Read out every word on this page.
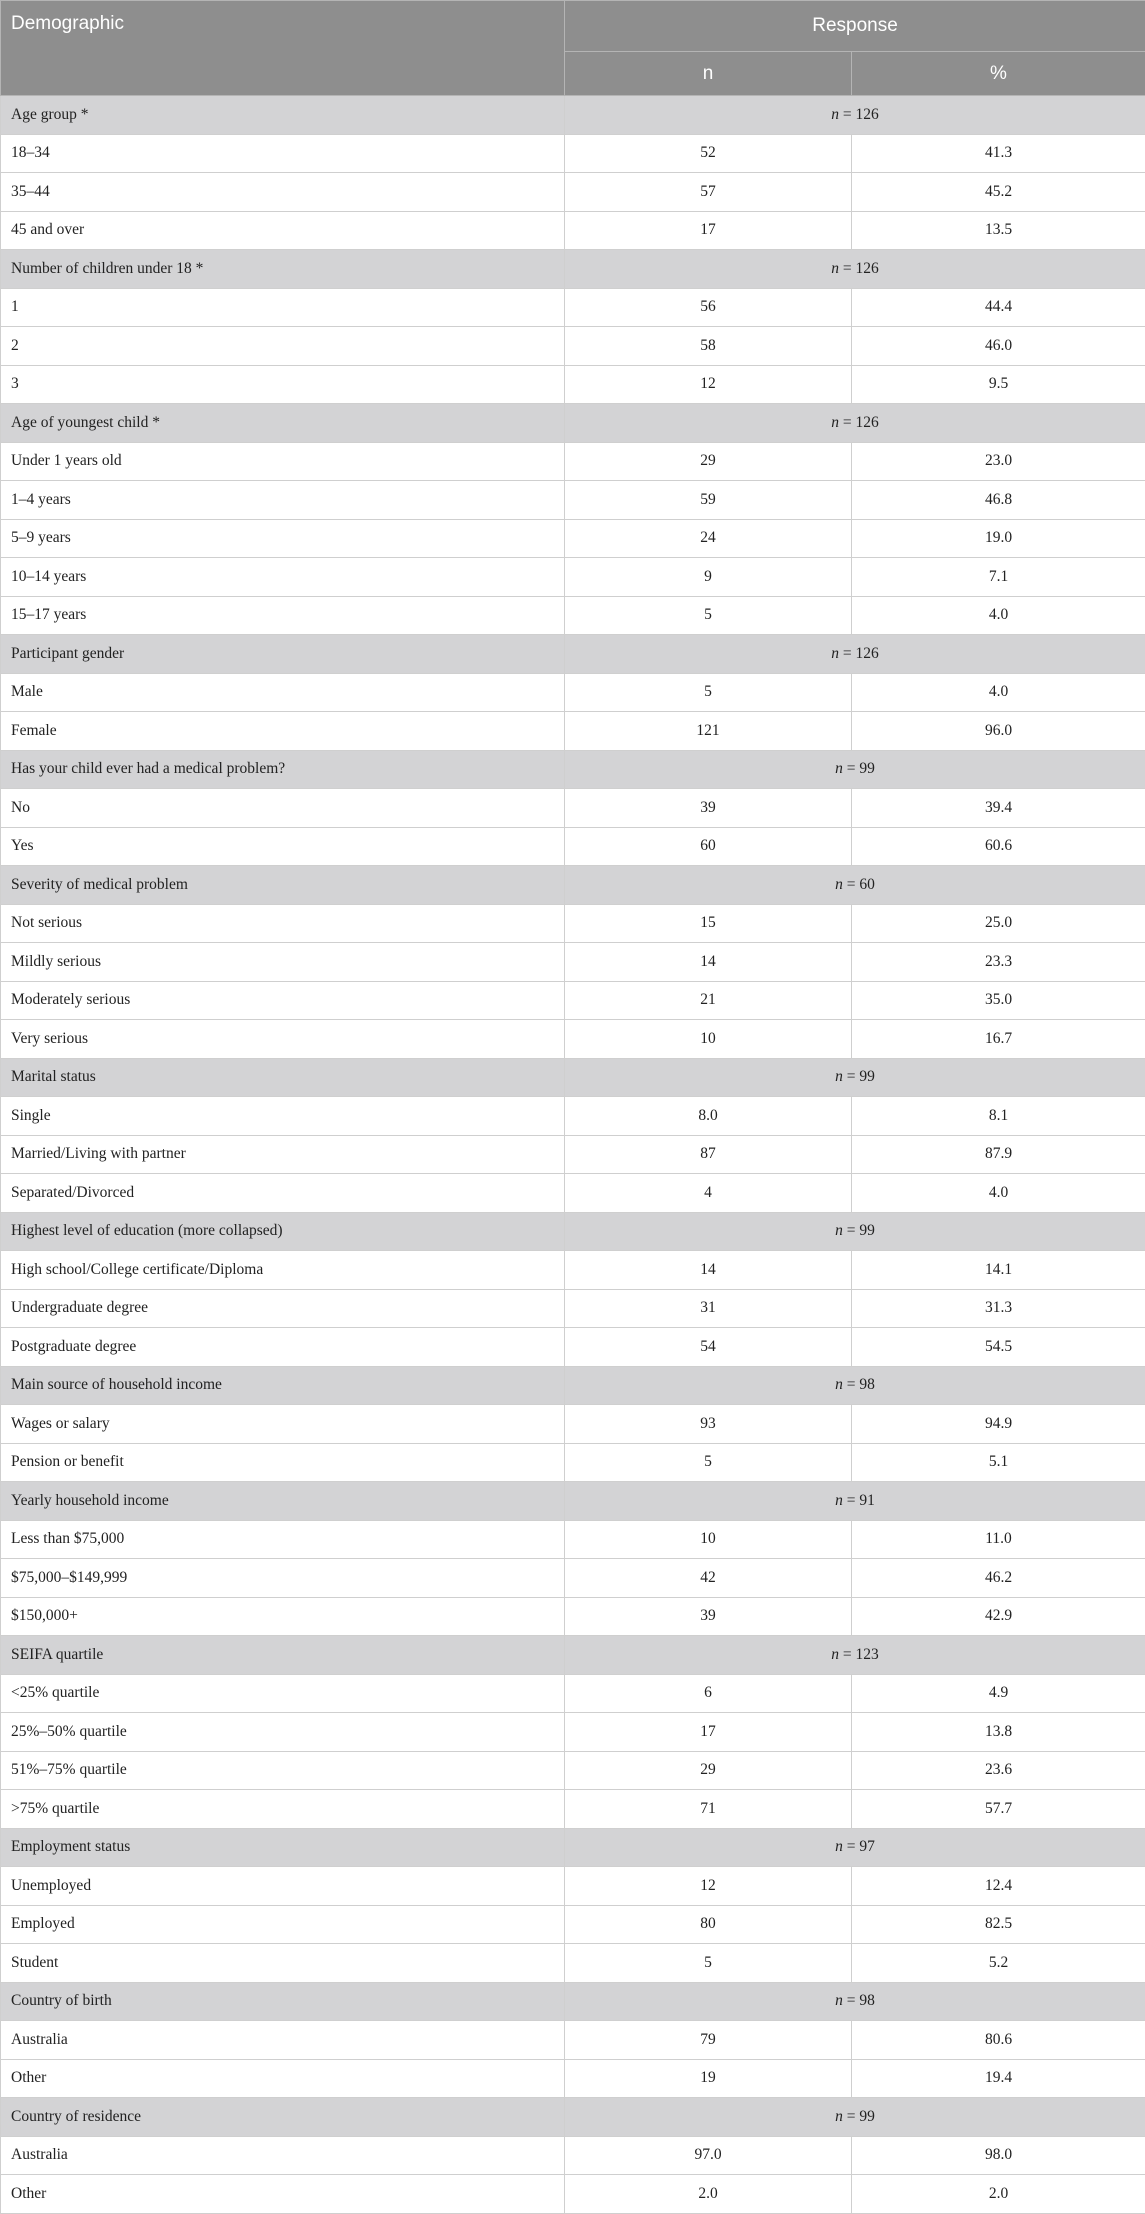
Demographic	Response	
	n	%
Age group *	n = 126	
18–34	52	41.3
35–44	57	45.2
45 and over	17	13.5
Number of children under 18 *	n = 126	
1	56	44.4
2	58	46.0
3	12	9.5
Age of youngest child *	n = 126	
Under 1 years old	29	23.0
1–4 years	59	46.8
5–9 years	24	19.0
10–14 years	9	7.1
15–17 years	5	4.0
Participant gender	n = 126	
Male	5	4.0
Female	121	96.0
Has your child ever had a medical problem?	n = 99	
No	39	39.4
Yes	60	60.6
Severity of medical problem	n = 60	
Not serious	15	25.0
Mildly serious	14	23.3
Moderately serious	21	35.0
Very serious	10	16.7
Marital status	n = 99	
Single	8.0	8.1
Married/Living with partner	87	87.9
Separated/Divorced	4	4.0
Highest level of education (more collapsed)	n = 99	
High school/College certificate/Diploma	14	14.1
Undergraduate degree	31	31.3
Postgraduate degree	54	54.5
Main source of household income	n = 98	
Wages or salary	93	94.9
Pension or benefit	5	5.1
Yearly household income	n = 91	
Less than $75,000	10	11.0
$75,000–$149,999	42	46.2
$150,000+	39	42.9
SEIFA quartile	n = 123	
<25% quartile	6	4.9
25%–50% quartile	17	13.8
51%–75% quartile	29	23.6
>75% quartile	71	57.7
Employment status	n = 97	
Unemployed	12	12.4
Employed	80	82.5
Student	5	5.2
Country of birth	n = 98	
Australia	79	80.6
Other	19	19.4
Country of residence	n = 99	
Australia	97.0	98.0
Other	2.0	2.0
